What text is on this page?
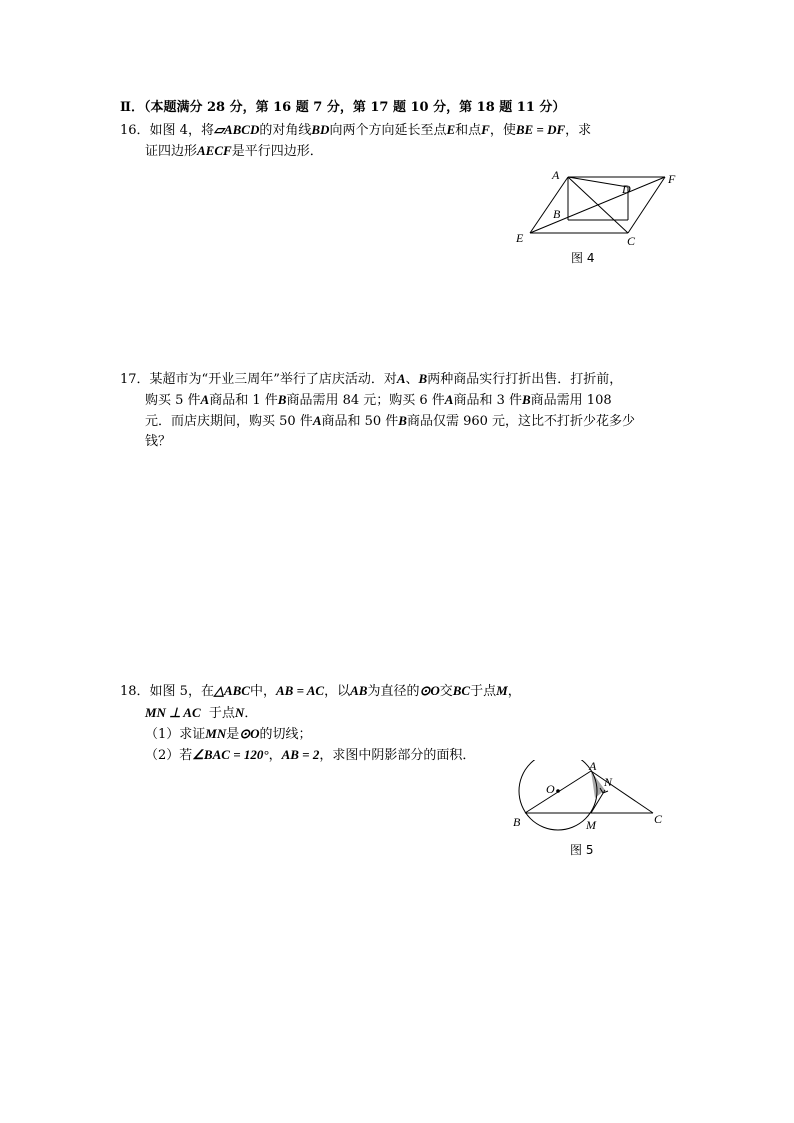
Ⅱ．（本题满分 28 分，第 16 题 7 分，第 17 题 10 分，第 18 题 11 分）
16．如图 4，将▱ABCD的对角线BD向两个方向延长至点E和点F，使BE = DF，求
证四边形AECF是平行四边形．
A
D
F
B
E	C
图 4
17．某超市为“开业三周年”举行了店庆活动．对A、B两种商品实行打折出售．打折前，
购买 5 件A商品和 1 件B商品需用 84 元；购买 6 件A商品和 3 件B商品需用 108
元．而店庆期间，购买 50 件A商品和 50 件B商品仅需 960 元，这比不打折少花多少
钱？
18．如图 5，在△ABC中，AB = AC，以AB为直径的⊙O交BC于点M，
MN ⊥ AC 于点N．
（1）求证MN是⊙O的切线；
（2）若∠BAC = 120°，AB = 2，求图中阴影部分的面积．
A
N
O
B	M	C
图 5
